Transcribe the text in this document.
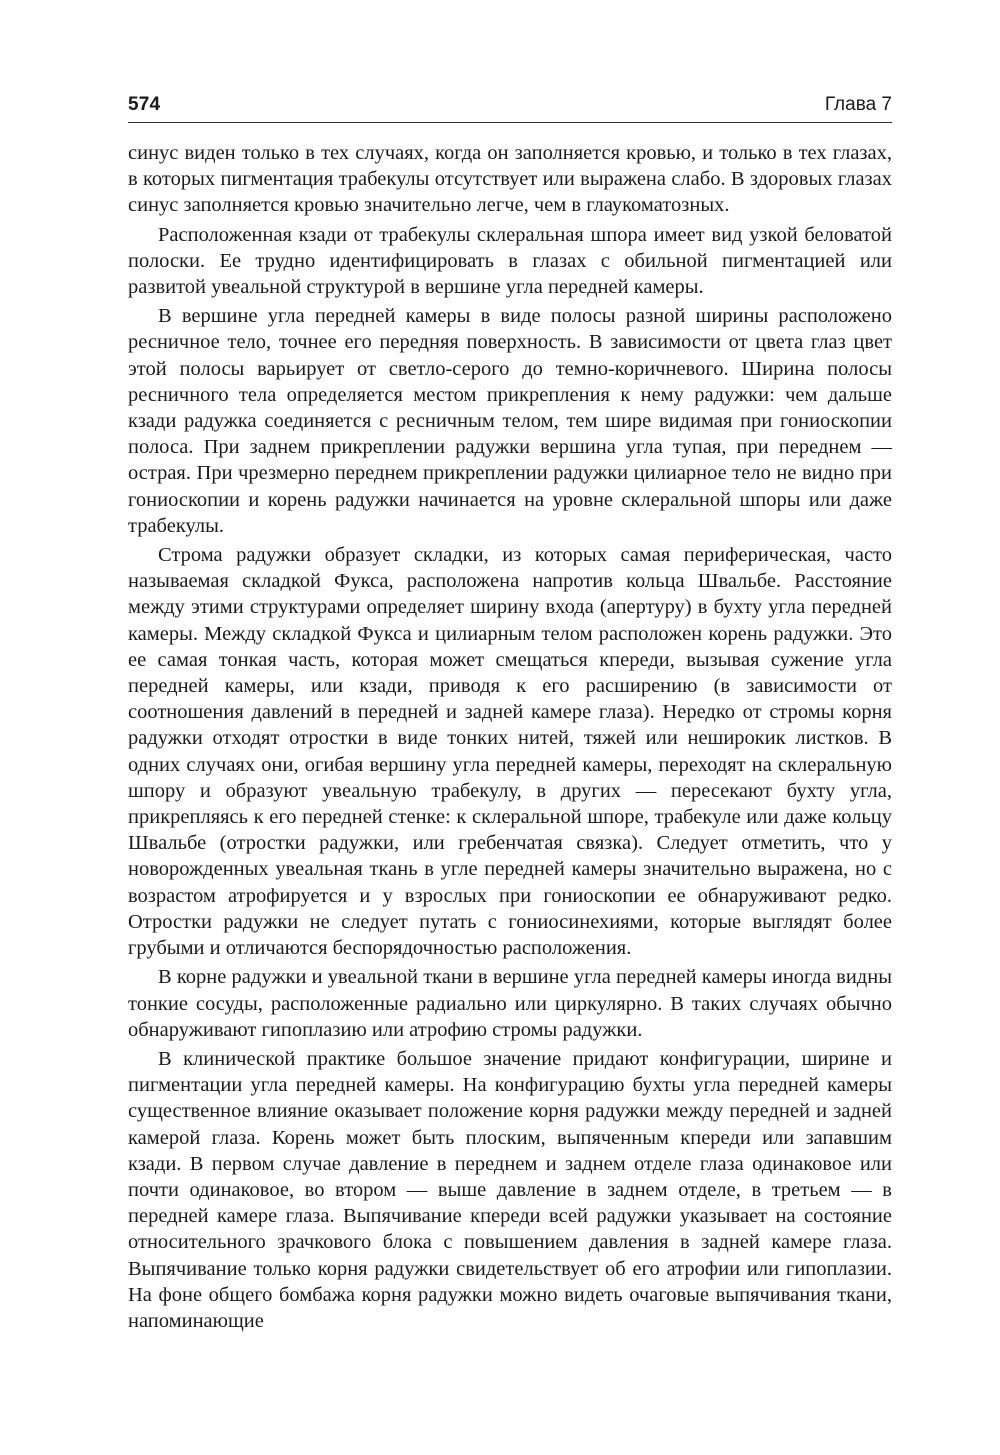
574	Глава 7

синус виден только в тех случаях, когда он заполняется кровью, и только в тех глазах, в которых пигментация трабекулы отсутствует или выражена слабо. В здоровых глазах синус заполняется кровью значительно легче, чем в глаукоматозных.

Расположенная кзади от трабекулы склеральная шпора имеет вид узкой беловатой полоски. Ее трудно идентифицировать в глазах с обильной пигментацией или развитой увеальной структурой в вершине угла передней камеры.

В вершине угла передней камеры в виде полосы разной ширины расположено ресничное тело, точнее его передняя поверхность. В зависимости от цвета глаз цвет этой полосы варьирует от светло-серого до темно-коричневого. Ширина полосы ресничного тела определяется местом прикрепления к нему радужки: чем дальше кзади радужка соединяется с ресничным телом, тем шире видимая при гониоскопии полоса. При заднем прикреплении радужки вершина угла тупая, при переднем — острая. При чрезмерно переднем прикреплении радужки цилиарное тело не видно при гониоскопии и корень радужки начинается на уровне склеральной шпоры или даже трабекулы.

Строма радужки образует складки, из которых самая периферическая, часто называемая складкой Фукса, расположена напротив кольца Швальбе. Расстояние между этими структурами определяет ширину входа (апертуру) в бухту угла передней камеры. Между складкой Фукса и цилиарным телом расположен корень радужки. Это ее самая тонкая часть, которая может смещаться кпереди, вызывая сужение угла передней камеры, или кзади, приводя к его расширению (в зависимости от соотношения давлений в передней и задней камере глаза). Нередко от стромы корня радужки отходят отростки в виде тонких нитей, тяжей или неширокик листков. В одних случаях они, огибая вершину угла передней камеры, переходят на склеральную шпору и образуют увеальную трабекулу, в других — пересекают бухту угла, прикрепляясь к его передней стенке: к склеральной шпоре, трабекуле или даже кольцу Швальбе (отростки радужки, или гребенчатая связка). Следует отметить, что у новорожденных увеальная ткань в угле передней камеры значительно выражена, но с возрастом атрофируется и у взрослых при гониоскопии ее обнаруживают редко. Отростки радужки не следует путать с гониосинехиями, которые выглядят более грубыми и отличаются беспорядочностью расположения.

В корне радужки и увеальной ткани в вершине угла передней камеры иногда видны тонкие сосуды, расположенные радиально или циркулярно. В таких случаях обычно обнаруживают гипоплазию или атрофию стромы радужки.

В клинической практике большое значение придают конфигурации, ширине и пигментации угла передней камеры. На конфигурацию бухты угла передней камеры существенное влияние оказывает положение корня радужки между передней и задней камерой глаза. Корень может быть плоским, выпяченным кпереди или запавшим кзади. В первом случае давление в переднем и заднем отделе глаза одинаковое или почти одинаковое, во втором — выше давление в заднем отделе, в третьем — в передней камере глаза. Выпячивание кпереди всей радужки указывает на состояние относительного зрачкового блока с повышением давления в задней камере глаза. Выпячивание только корня радужки свидетельствует об его атрофии или гипоплазии. На фоне общего бомбажа корня радужки можно видеть очаговые выпячивания ткани, напоминающие
